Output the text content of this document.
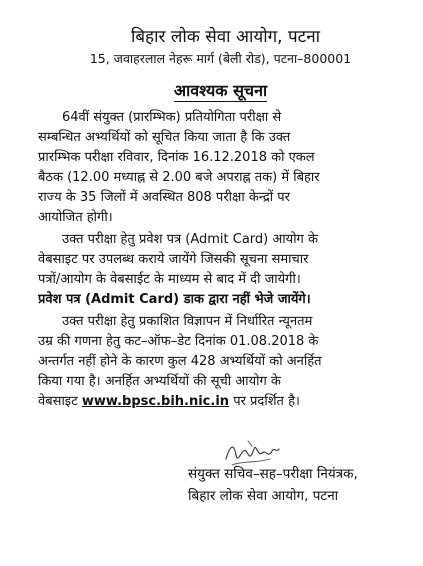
बिहार लोक सेवा आयोग, पटना
15, जवाहरलाल नेहरू मार्ग (बेली रोड), पटना–800001
आवश्यक सूचना

64वीं संयुक्त (प्रारम्भिक) प्रतियोगिता परीक्षा से
सम्बन्धित अभ्यर्थियों को सूचित किया जाता है कि उक्त
प्रारम्भिक परीक्षा रविवार, दिनांक 16.12.2018 को एकल
बैठक (12.00 मध्याह्न से 2.00 बजे अपराह्न तक) में बिहार
राज्य के 35 जिलों में अवस्थित 808 परीक्षा केन्द्रों पर
आयोजित होगी।

उक्त परीक्षा हेतु प्रवेश पत्र (Admit Card) आयोग के
वेबसाइट पर उपलब्ध कराये जायेंगे जिसकी सूचना समाचार
पत्रों/आयोग के वेबसाईट के माध्यम से बाद में दी जायेगी।
प्रवेश पत्र (Admit Card) डाक द्वारा नहीं भेजे जायेंगे।

उक्त परीक्षा हेतु प्रकाशित विज्ञापन में निर्धारित न्यूनतम
उम्र की गणना हेतु कट–ऑफ–डेट दिनांक 01.08.2018 के
अन्तर्गत नहीं होने के कारण कुल 428 अभ्यर्थियों को अनर्हित
किया गया है। अनर्हित अभ्यर्थियों की सूची आयोग के
वेबसाइट www.bpsc.bih.nic.in पर प्रदर्शित है।

संयुक्त सचिव–सह–परीक्षा नियंत्रक,
बिहार लोक सेवा आयोग, पटना
